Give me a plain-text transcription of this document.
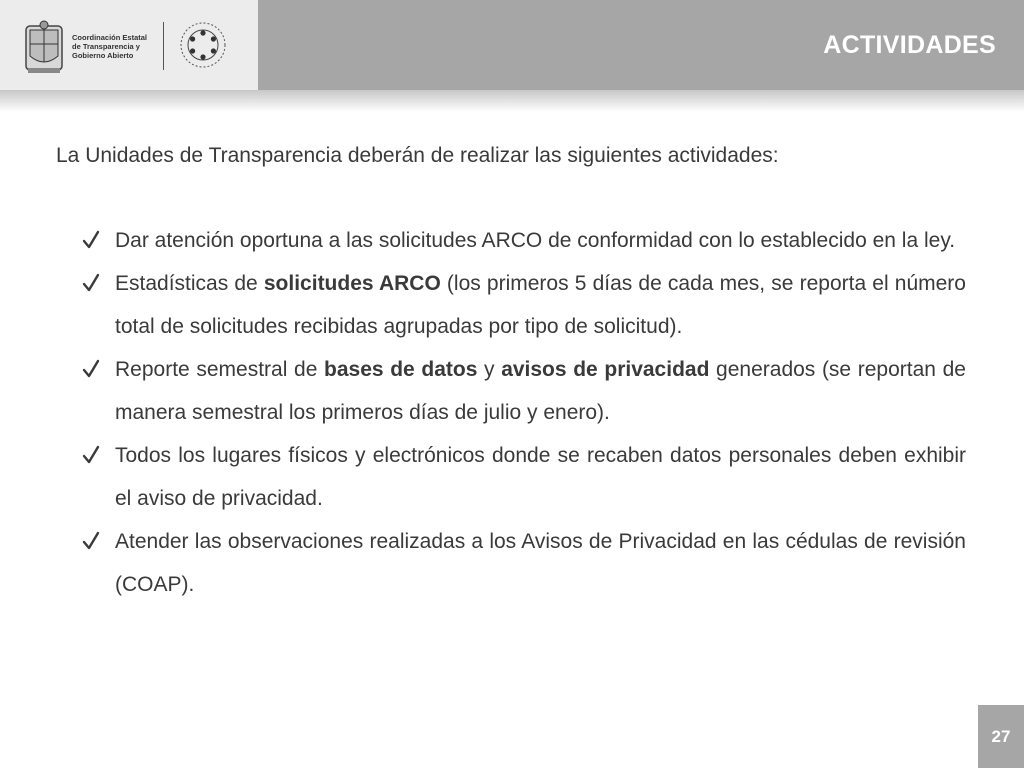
Coordinación Estatal
de Transparencia y
Gobierno Abierto	ACTIVIDADES
La Unidades de Transparencia deberán de realizar las siguientes actividades:
Dar atención oportuna a las solicitudes ARCO de conformidad con lo establecido en la ley.
Estadísticas de solicitudes ARCO (los primeros 5 días de cada mes, se reporta el número total de solicitudes recibidas agrupadas por tipo de solicitud).
Reporte semestral de bases de datos y avisos de privacidad generados (se reportan de manera semestral los primeros días de julio y enero).
Todos los lugares físicos y electrónicos donde se recaben datos personales deben exhibir el aviso de privacidad.
Atender las observaciones realizadas a los Avisos de Privacidad en las cédulas de revisión (COAP).
27
